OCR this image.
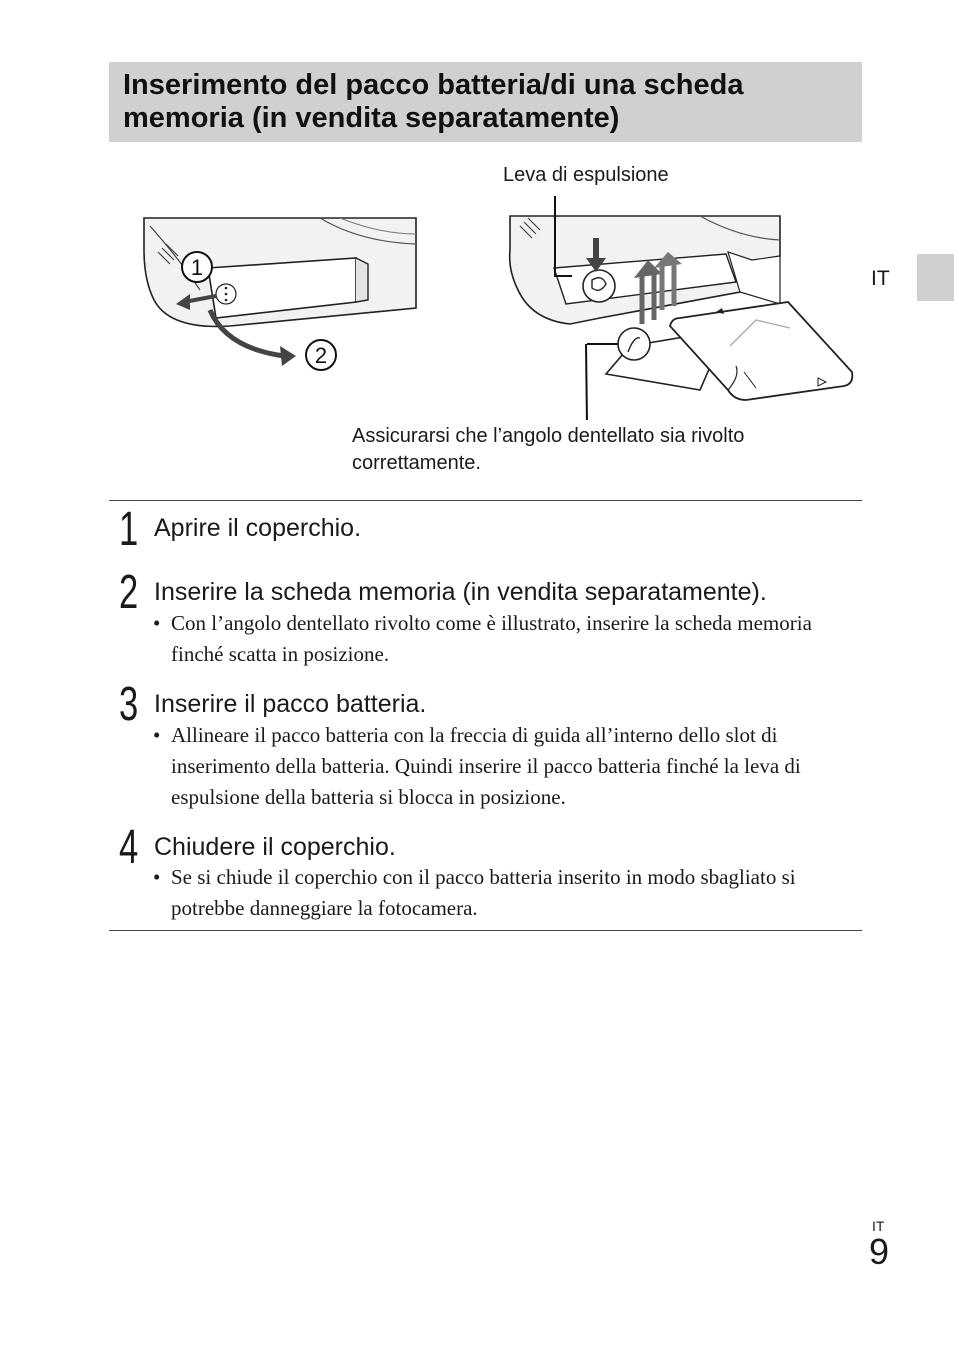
Inserimento del pacco batteria/di una scheda memoria (in vendita separatamente)
IT
1
2
Leva di espulsione
Assicurarsi che l’angolo dentellato sia rivolto correttamente.
1 Aprire il coperchio.
2 Inserire la scheda memoria (in vendita separatamente).
• Con l’angolo dentellato rivolto come è illustrato, inserire la scheda memoria finché scatta in posizione.
3 Inserire il pacco batteria.
• Allineare il pacco batteria con la freccia di guida all’interno dello slot di inserimento della batteria. Quindi inserire il pacco batteria finché la leva di espulsione della batteria si blocca in posizione.
4 Chiudere il coperchio.
• Se si chiude il coperchio con il pacco batteria inserito in modo sbagliato si potrebbe danneggiare la fotocamera.
IT
9
